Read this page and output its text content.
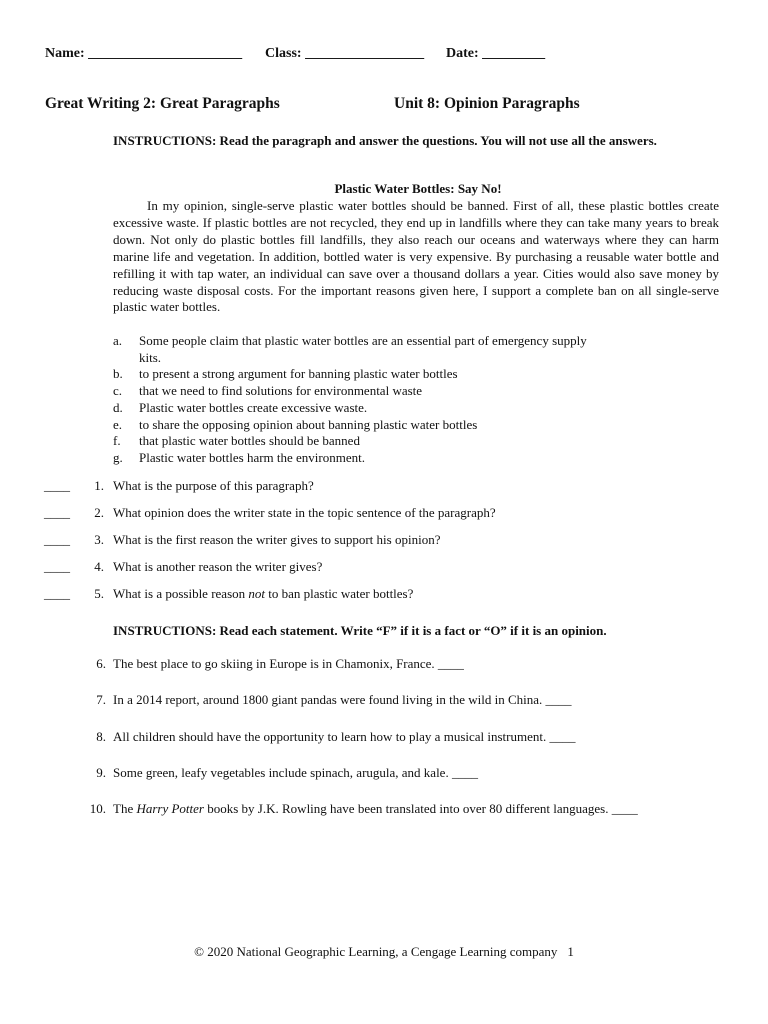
Name: ______________________ Class: _________________ Date: _________
Great Writing 2: Great Paragraphs	Unit 8: Opinion Paragraphs
INSTRUCTIONS: Read the paragraph and answer the questions. You will not use all the answers.
Plastic Water Bottles: Say No!
In my opinion, single-serve plastic water bottles should be banned. First of all, these plastic bottles create excessive waste. If plastic bottles are not recycled, they end up in landfills where they can take many years to break down. Not only do plastic bottles fill landfills, they also reach our oceans and waterways where they can harm marine life and vegetation. In addition, bottled water is very expensive. By purchasing a reusable water bottle and refilling it with tap water, an individual can save over a thousand dollars a year. Cities would also save money by reducing waste disposal costs. For the important reasons given here, I support a complete ban on all single-serve plastic water bottles.
a.	Some people claim that plastic water bottles are an essential part of emergency supply kits.
b.	to present a strong argument for banning plastic water bottles
c.	that we need to find solutions for environmental waste
d.	Plastic water bottles create excessive waste.
e.	to share the opposing opinion about banning plastic water bottles
f.	that plastic water bottles should be banned
g.	Plastic water bottles harm the environment.
____ 1. What is the purpose of this paragraph?
____ 2. What opinion does the writer state in the topic sentence of the paragraph?
____ 3. What is the first reason the writer gives to support his opinion?
____ 4. What is another reason the writer gives?
____ 5. What is a possible reason not to ban plastic water bottles?
INSTRUCTIONS: Read each statement. Write “F” if it is a fact or “O” if it is an opinion.
6. The best place to go skiing in Europe is in Chamonix, France. ____
7. In a 2014 report, around 1800 giant pandas were found living in the wild in China. ____
8. All children should have the opportunity to learn how to play a musical instrument. ____
9. Some green, leafy vegetables include spinach, arugula, and kale. ____
10. The Harry Potter books by J.K. Rowling have been translated into over 80 different languages. ____
© 2020 National Geographic Learning, a Cengage Learning company 1
